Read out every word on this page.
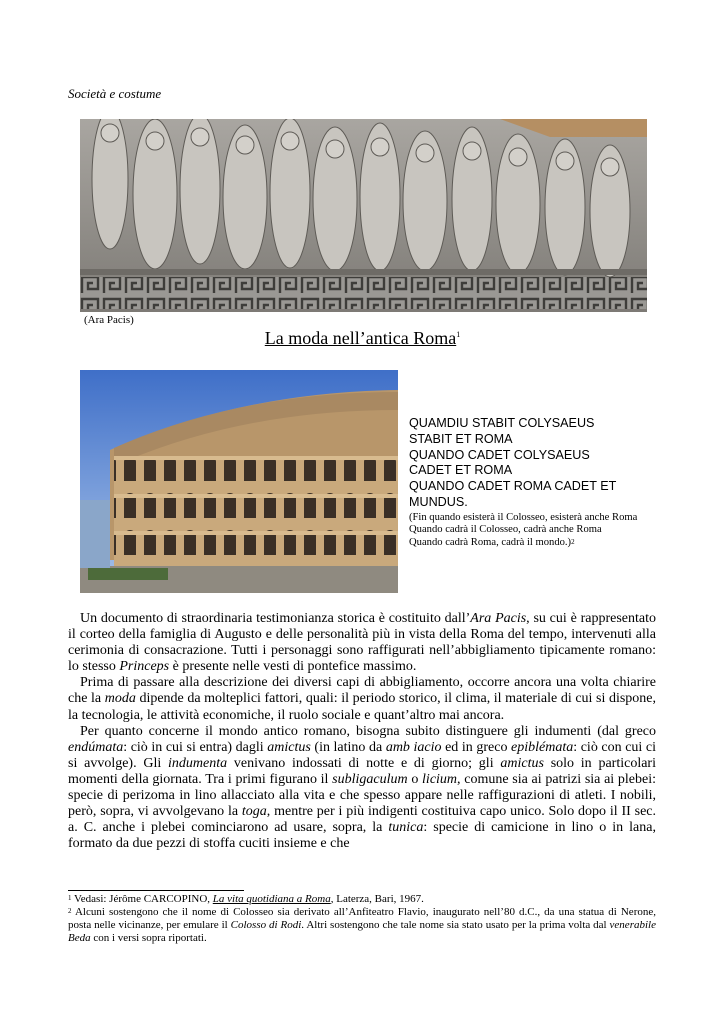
Società e costume
(Ara Pacis)
La moda nell’antica Roma$^1$
QUAMDIU STABIT COLYSAEUS
STABIT ET ROMA
QUANDO CADET COLYSAEUS
CADET ET ROMA
QUANDO CADET ROMA CADET ET
MUNDUS.
(Fin quando esisterà il Colosseo, esisterà anche Roma
Quando cadrà il Colosseo, cadrà anche Roma
Quando cadrà Roma, cadrà il mondo.)$^2$

Un documento di straordinaria testimonianza storica è costituito dall’Ara Pacis, su cui è rappresentato il corteo della famiglia di Augusto e delle personalità più in vista della Roma del tempo, intervenuti alla cerimonia di consacrazione. Tutti i personaggi sono raffigurati nell’abbigliamento tipicamente romano: lo stesso Princeps è presente nelle vesti di pontefice massimo.

Prima di passare alla descrizione dei diversi capi di abbigliamento, occorre ancora una volta chiarire che la moda dipende da molteplici fattori, quali: il periodo storico, il clima, il materiale di cui si dispone, la tecnologia, le attività economiche, il ruolo sociale e quant’altro mai ancora.

Per quanto concerne il mondo antico romano, bisogna subito distinguere gli indumenti (dal greco endúmata: ciò in cui si entra) dagli amictus (in latino da amb iacio ed in greco epiblémata: ciò con cui ci si avvolge). Gli indumenta venivano indossati di notte e di giorno; gli amictus solo in particolari momenti della giornata. Tra i primi figurano il subligaculum o licium, comune sia ai patrizi sia ai plebei: specie di perizoma in lino allacciato alla vita e che spesso appare nelle raffigurazioni di atleti. I nobili, però, sopra, vi avvolgevano la toga, mentre per i più indigenti costituiva capo unico. Solo dopo il II sec. a. C. anche i plebei cominciarono ad usare, sopra, la tunica: specie di camicione in lino o in lana, formato da due pezzi di stoffa cuciti insieme e che

$^1$ Vedasi: Jérôme CARCOPINO, La vita quotidiana a Roma, Laterza, Bari, 1967.

$^2$ Alcuni sostengono che il nome di Colosseo sia derivato all’Anfiteatro Flavio, inaugurato nell’80 d.C., da una statua di Nerone, posta nelle vicinanze, per emulare il Colosso di Rodi. Altri sostengono che tale nome sia stato usato per la prima volta dal venerabile Beda con i versi sopra riportati.
